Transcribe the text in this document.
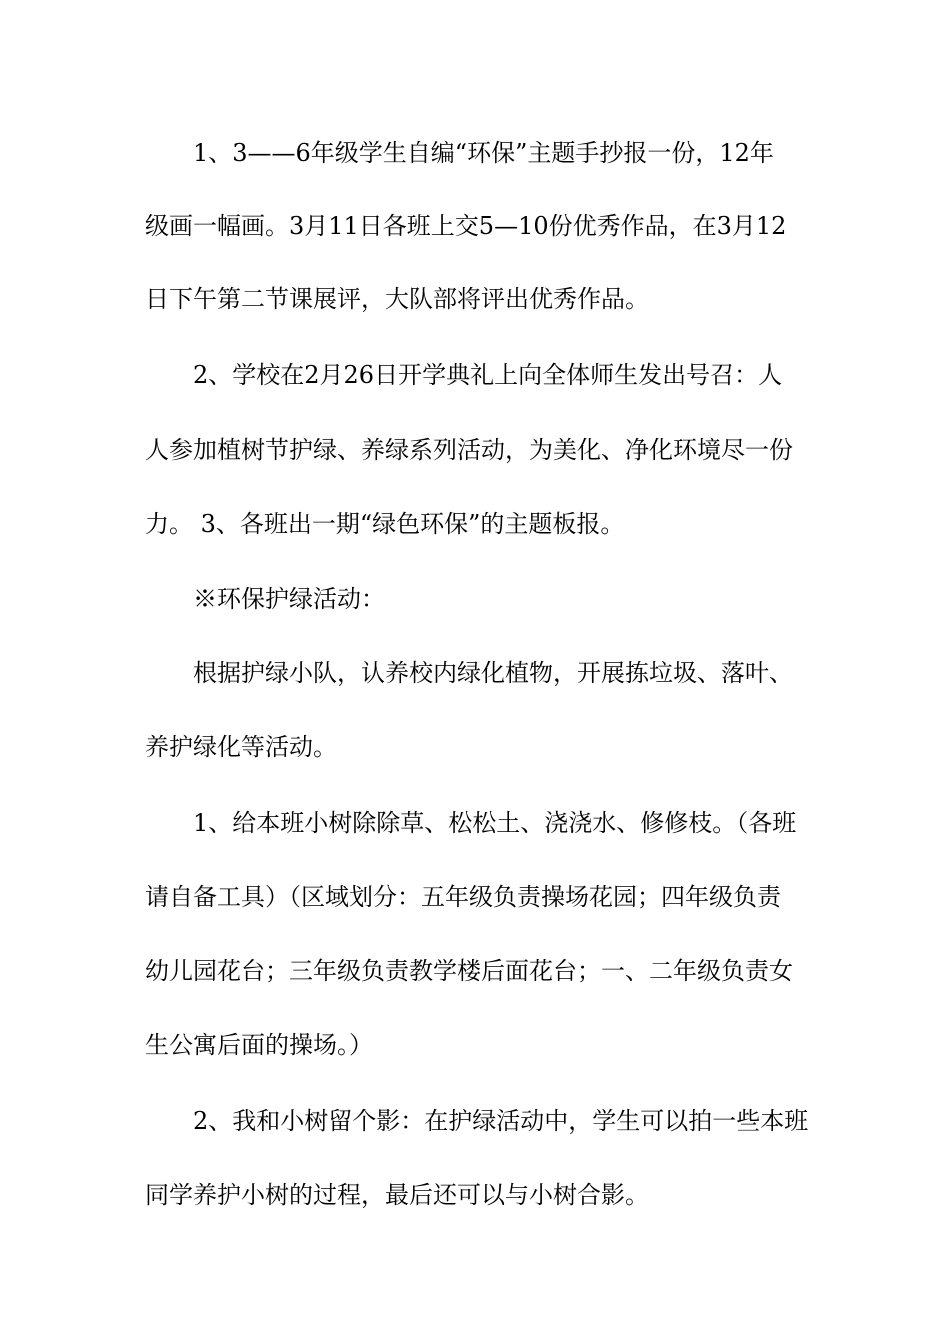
1、3——6年级学生自编“环保”主题手抄报一份，12年
级画一幅画。3月11日各班上交5—10份优秀作品，在3月12
日下午第二节课展评，大队部将评出优秀作品。
2、学校在2月26日开学典礼上向全体师生发出号召：人
人参加植树节护绿、养绿系列活动，为美化、净化环境尽一份
力。 3、各班出一期“绿色环保”的主题板报。
※环保护绿活动：
根据护绿小队，认养校内绿化植物，开展拣垃圾、落叶、
养护绿化等活动。
1、给本班小树除除草、松松土、浇浇水、修修枝。（各班
请自备工具）（区域划分：五年级负责操场花园；四年级负责
幼儿园花台；三年级负责教学楼后面花台；一、二年级负责女
生公寓后面的操场。）
2、我和小树留个影：在护绿活动中，学生可以拍一些本班
同学养护小树的过程，最后还可以与小树合影。
